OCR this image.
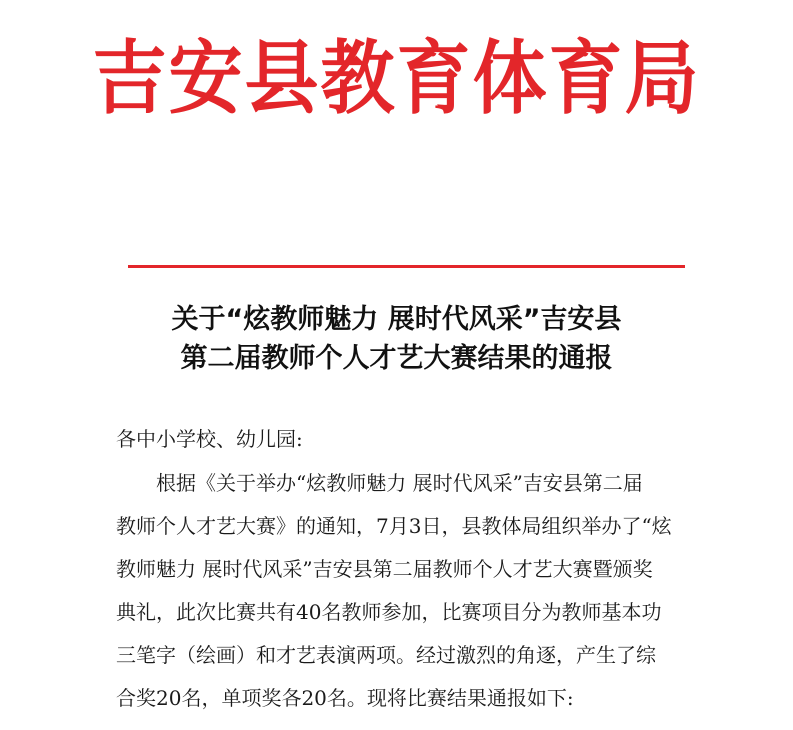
吉安县教育体育局
关于“炫教师魅力 展时代风采”吉安县
第二届教师个人才艺大赛结果的通报
各中小学校、幼儿园:
根据《关于举办“炫教师魅力 展时代风采”吉安县第二届
教师个人才艺大赛》的通知，7月3日，县教体局组织举办了“炫
教师魅力 展时代风采”吉安县第二届教师个人才艺大赛暨颁奖
典礼，此次比赛共有40名教师参加，比赛项目分为教师基本功
三笔字（绘画）和才艺表演两项。经过激烈的角逐，产生了综
合奖20名，单项奖各20名。现将比赛结果通报如下:
